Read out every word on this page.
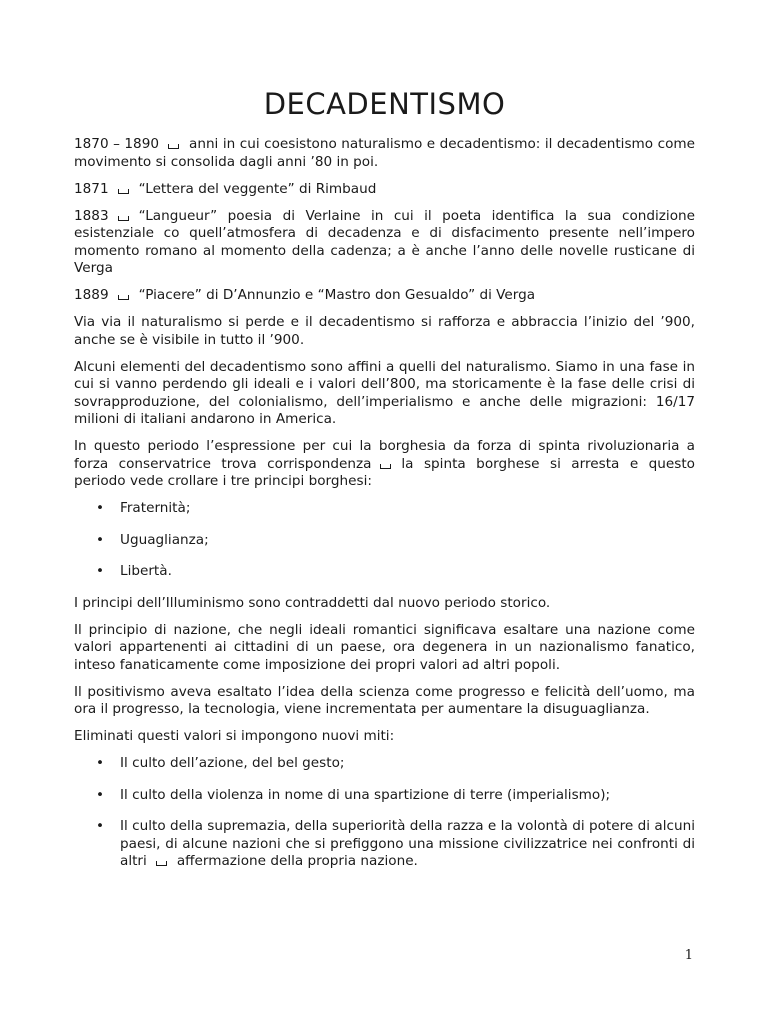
DECADENTISMO

1870 – 1890 anni in cui coesistono naturalismo e decadentismo: il decadentismo come movimento si consolida dagli anni ’80 in poi.

1871 “Lettera del veggente” di Rimbaud

1883 “Langueur” poesia di Verlaine in cui il poeta identifica la sua condizione esistenziale co quell’atmosfera di decadenza e di disfacimento presente nell’impero momento romano al momento della cadenza; a è anche l’anno delle novelle rusticane di Verga

1889 “Piacere” di D’Annunzio e “Mastro don Gesualdo” di Verga

Via via il naturalismo si perde e il decadentismo si rafforza e abbraccia l’inizio del ’900, anche se è visibile in tutto il ’900.

Alcuni elementi del decadentismo sono affini a quelli del naturalismo. Siamo in una fase in cui si vanno perdendo gli ideali e i valori dell’800, ma storicamente è la fase delle crisi di sovrapproduzione, del colonialismo, dell’imperialismo e anche delle migrazioni: 16/17 milioni di italiani andarono in America.

In questo periodo l’espressione per cui la borghesia da forza di spinta rivoluzionaria a forza conservatrice trova corrispondenza la spinta borghese si arresta e questo periodo vede crollare i tre principi borghesi:

• Fraternità;
• Uguaglianza;
• Libertà.

I principi dell’Illuminismo sono contraddetti dal nuovo periodo storico.

Il principio di nazione, che negli ideali romantici significava esaltare una nazione come valori appartenenti ai cittadini di un paese, ora degenera in un nazionalismo fanatico, inteso fanaticamente come imposizione dei propri valori ad altri popoli.

Il positivismo aveva esaltato l’idea della scienza come progresso e felicità dell’uomo, ma ora il progresso, la tecnologia, viene incrementata per aumentare la disuguaglianza.

Eliminati questi valori si impongono nuovi miti:

• Il culto dell’azione, del bel gesto;
• Il culto della violenza in nome di una spartizione di terre (imperialismo);
• Il culto della supremazia, della superiorità della razza e la volontà di potere di alcuni paesi, di alcune nazioni che si prefiggono una missione civilizzatrice nei confronti di altri affermazione della propria nazione.
1
